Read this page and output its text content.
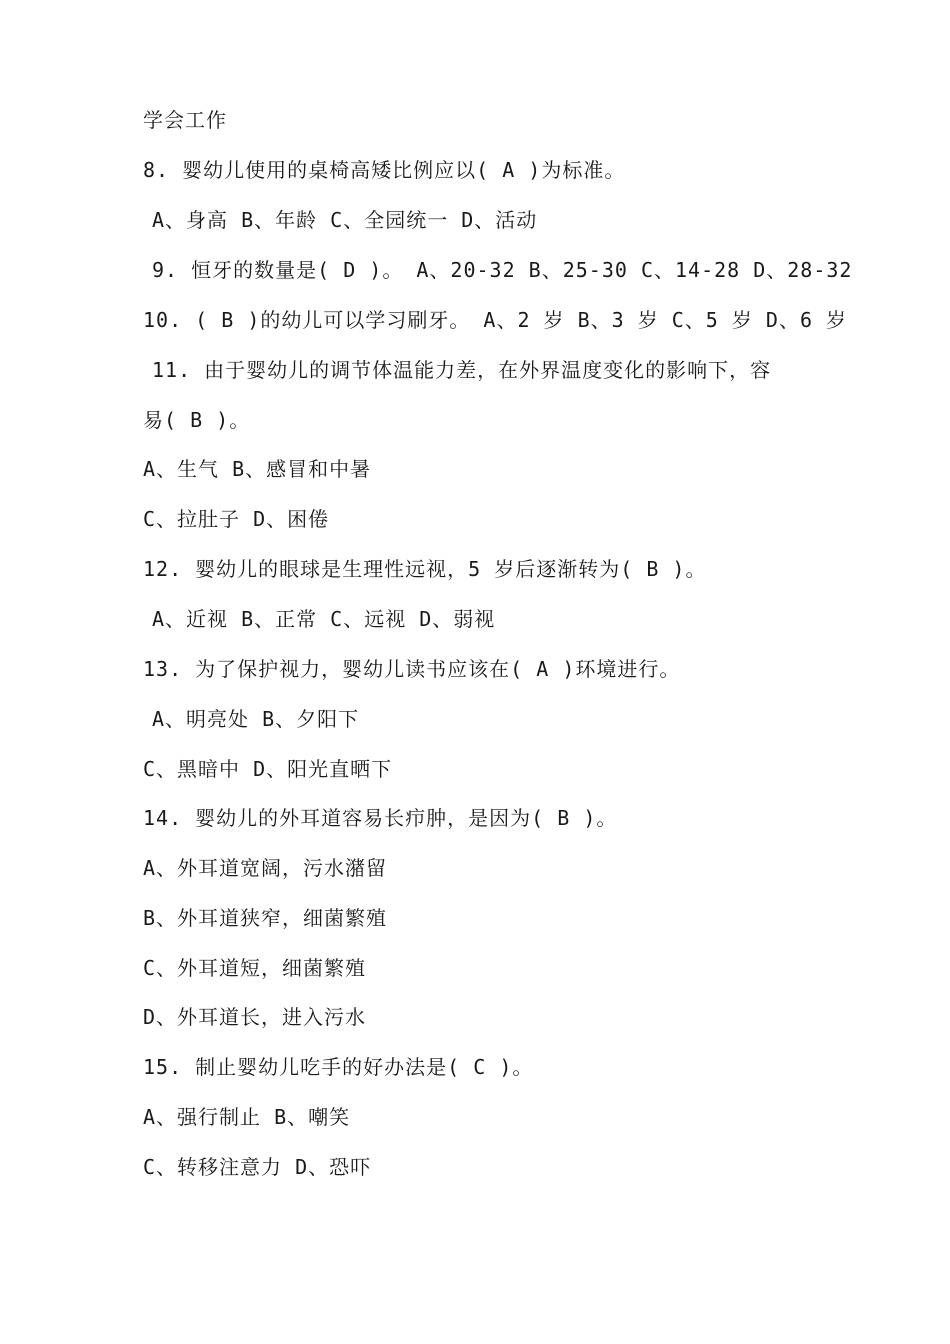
学会工作
8. 婴幼儿使用的桌椅高矮比例应以( A )为标准。
A、身高 B、年龄 C、全园统一 D、活动
9. 恒牙的数量是( D )。 A、20-32 B、25-30 C、14-28 D、28-32
10. ( B )的幼儿可以学习刷牙。 A、2 岁 B、3 岁 C、5 岁 D、6 岁
11. 由于婴幼儿的调节体温能力差，在外界温度变化的影响下，容
易( B )。
A、生气 B、感冒和中暑
C、拉肚子 D、困倦
12. 婴幼儿的眼球是生理性远视，5 岁后逐渐转为( B )。
A、近视 B、正常 C、远视 D、弱视
13. 为了保护视力，婴幼儿读书应该在( A )环境进行。
A、明亮处 B、夕阳下
C、黑暗中 D、阳光直晒下
14. 婴幼儿的外耳道容易长疖肿，是因为( B )。
A、外耳道宽阔，污水潴留
B、外耳道狭窄，细菌繁殖
C、外耳道短，细菌繁殖
D、外耳道长，进入污水
15. 制止婴幼儿吃手的好办法是( C )。
A、强行制止 B、嘲笑
C、转移注意力 D、恐吓
